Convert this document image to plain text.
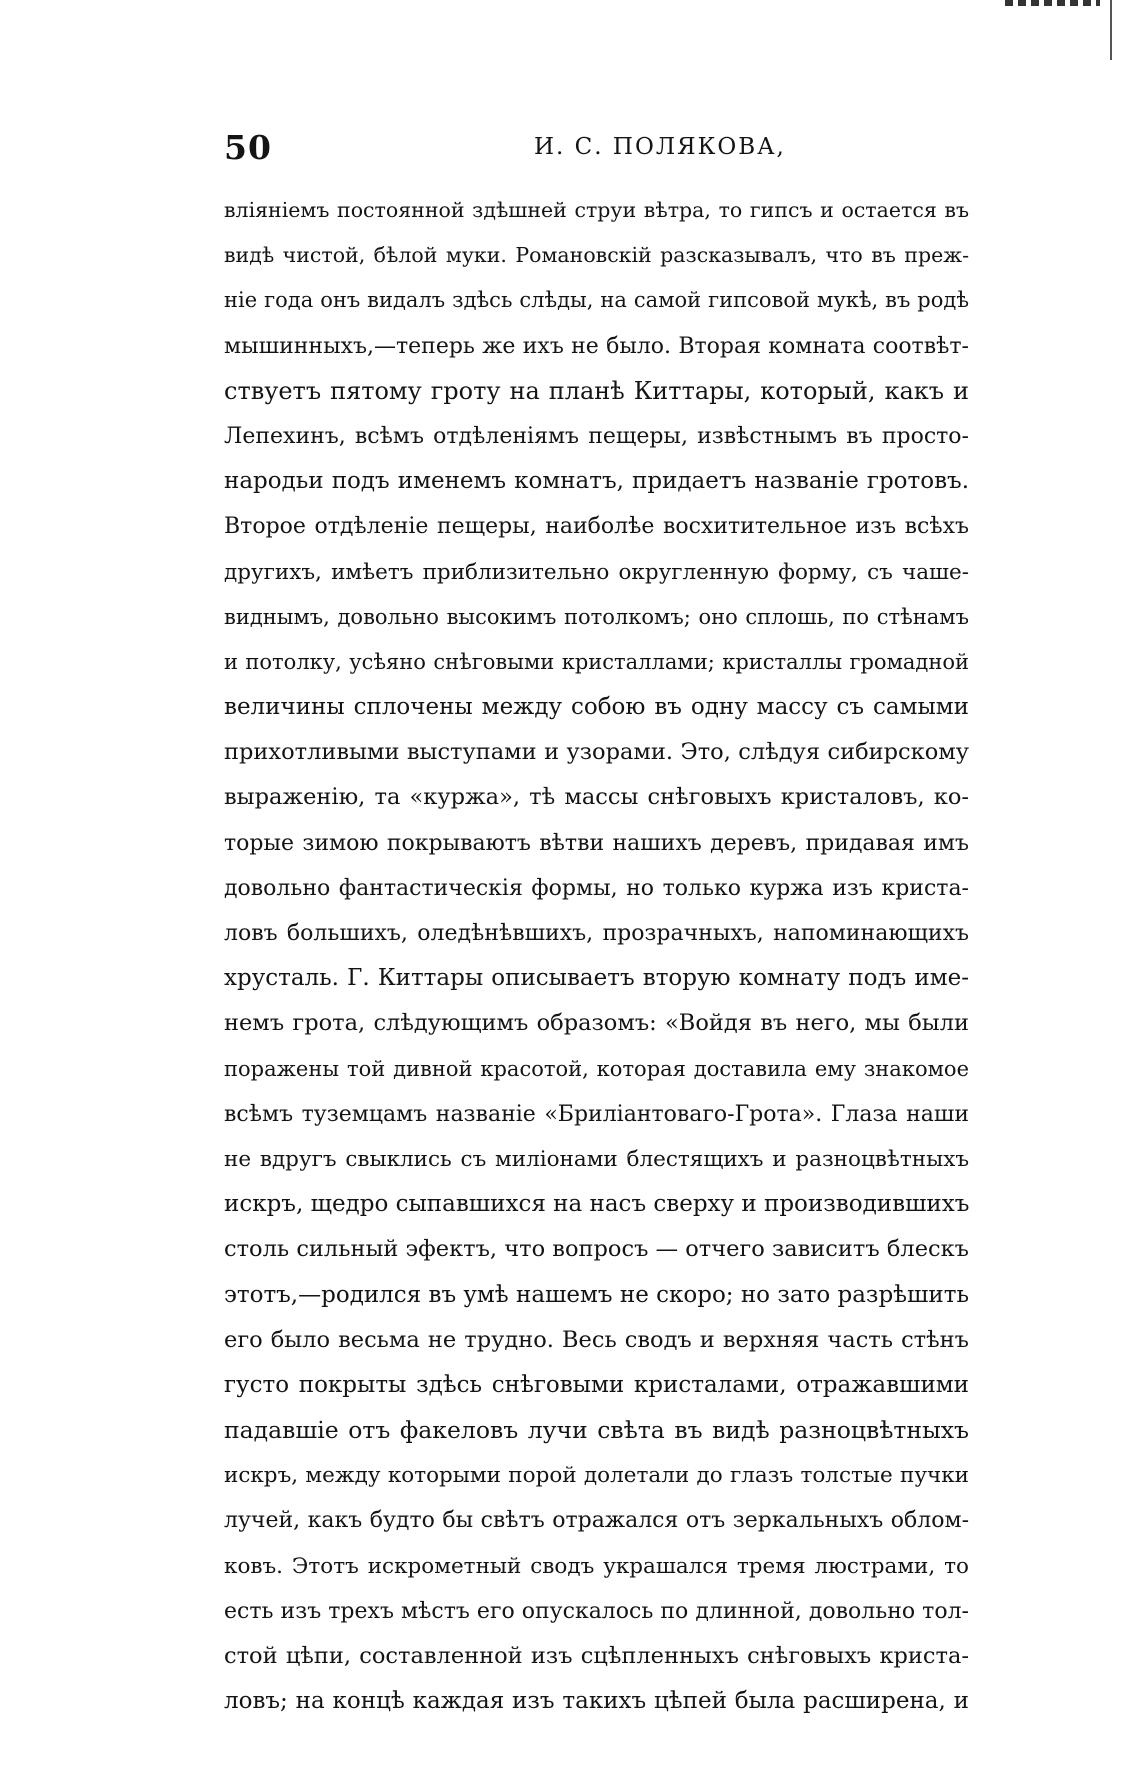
50	И. С. ПОЛЯКОВА,
вліяніемъ постоянной здѣшней струи вѣтра, то гипсъ и остается въ
видѣ чистой, бѣлой муки. Романовскій разсказывалъ, что въ преж-
ніе года онъ видалъ здѣсь слѣды, на самой гипсовой мукѣ, въ родѣ
мышинныхъ,—теперь же ихъ не было. Вторая комната соотвѣт-
ствуетъ пятому гроту на планѣ Киттары, который, какъ и
Лепехинъ, всѣмъ отдѣленіямъ пещеры, извѣстнымъ въ просто-
народьи подъ именемъ комнатъ, придаетъ названіе гротовъ.
Второе отдѣленіе пещеры, наиболѣе восхитительное изъ всѣхъ
другихъ, имѣетъ приблизительно округленную форму, съ чаше-
виднымъ, довольно высокимъ потолкомъ; оно сплошь, по стѣнамъ
и потолку, усѣяно снѣговыми кристаллами; кристаллы громадной
величины сплочены между собою въ одну массу съ самыми
прихотливыми выступами и узорами. Это, слѣдуя сибирскому
выраженію, та «куржа», тѣ массы снѣговыхъ кристаловъ, ко-
торые зимою покрываютъ вѣтви нашихъ деревъ, придавая имъ
довольно фантастическія формы, но только куржа изъ криста-
ловъ большихъ, оледѣнѣвшихъ, прозрачныхъ, напоминающихъ
хрусталь. Г. Киттары описываетъ вторую комнату подъ име-
немъ грота, слѣдующимъ образомъ: «Войдя въ него, мы были
поражены той дивной красотой, которая доставила ему знакомое
всѣмъ туземцамъ названіе «Бриліантоваго-Грота». Глаза наши
не вдругъ свыклись съ миліонами блестящихъ и разноцвѣтныхъ
искръ, щедро сыпавшихся на насъ сверху и производившихъ
столь сильный эфектъ, что вопросъ — отчего зависитъ блескъ
этотъ,—родился въ умѣ нашемъ не скоро; но зато разрѣшить
его было весьма не трудно. Весь сводъ и верхняя часть стѣнъ
густо покрыты здѣсь снѣговыми кристалами, отражавшими
падавшіе отъ факеловъ лучи свѣта въ видѣ разноцвѣтныхъ
искръ, между которыми порой долетали до глазъ толстые пучки
лучей, какъ будто бы свѣтъ отражался отъ зеркальныхъ облом-
ковъ. Этотъ искрометный сводъ украшался тремя люстрами, то
есть изъ трехъ мѣстъ его опускалось по длинной, довольно тол-
стой цѣпи, составленной изъ сцѣпленныхъ снѣговыхъ криста-
ловъ; на концѣ каждая изъ такихъ цѣпей была расширена, и
